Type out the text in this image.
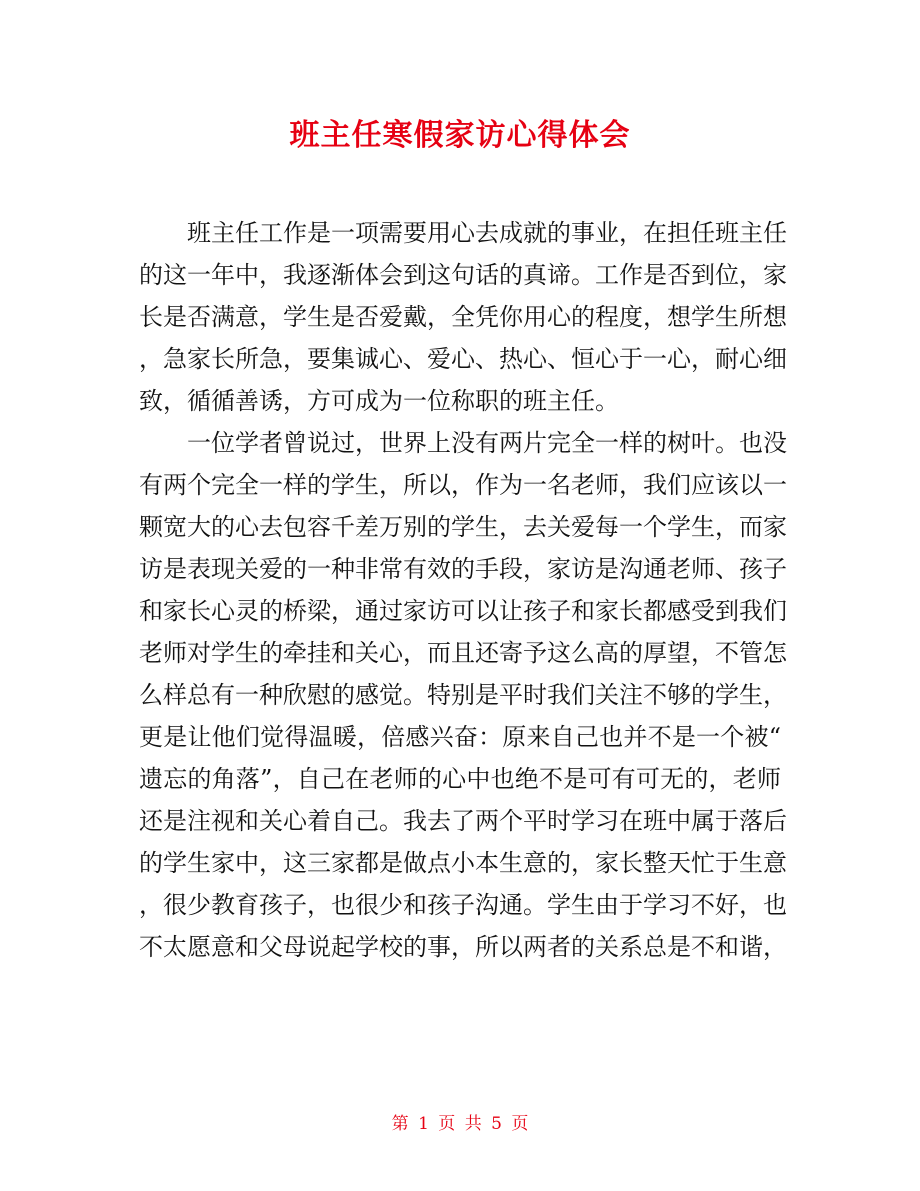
班主任寒假家访心得体会
班主任工作是一项需要用心去成就的事业，在担任班主任
的这一年中，我逐渐体会到这句话的真谛。工作是否到位，家
长是否满意，学生是否爱戴，全凭你用心的程度，想学生所想
，急家长所急，要集诚心、爱心、热心、恒心于一心，耐心细
致，循循善诱，方可成为一位称职的班主任。
一位学者曾说过，世界上没有两片完全一样的树叶。也没
有两个完全一样的学生，所以，作为一名老师，我们应该以一
颗宽大的心去包容千差万别的学生，去关爱每一个学生，而家
访是表现关爱的一种非常有效的手段，家访是沟通老师、孩子
和家长心灵的桥梁，通过家访可以让孩子和家长都感受到我们
老师对学生的牵挂和关心，而且还寄予这么高的厚望，不管怎
么样总有一种欣慰的感觉。特别是平时我们关注不够的学生，
更是让他们觉得温暖，倍感兴奋：原来自己也并不是一个被“
遗忘的角落”，自己在老师的心中也绝不是可有可无的，老师
还是注视和关心着自己。我去了两个平时学习在班中属于落后
的学生家中，这三家都是做点小本生意的，家长整天忙于生意
，很少教育孩子，也很少和孩子沟通。学生由于学习不好，也
不太愿意和父母说起学校的事，所以两者的关系总是不和谐，
第 1 页 共 5 页
